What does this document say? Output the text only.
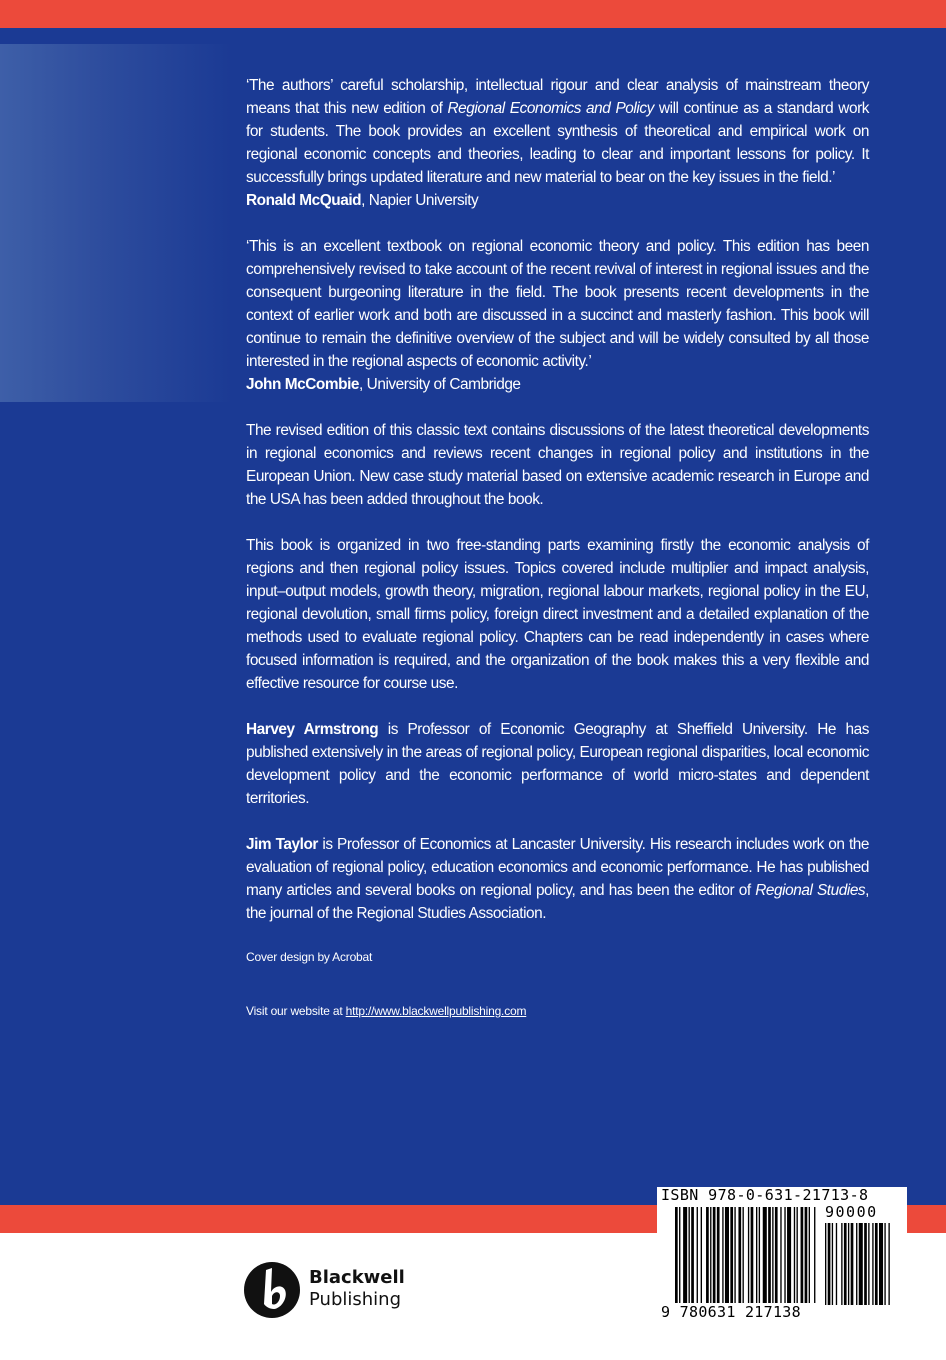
‘The authors’ careful scholarship, intellectual rigour and clear analysis of mainstream theory means that this new edition of Regional Economics and Policy will continue as a standard work for students. The book provides an excellent synthesis of theoretical and empirical work on regional economic concepts and theories, leading to clear and important lessons for policy. It successfully brings updated literature and new material to bear on the key issues in the field.’

Ronald McQuaid, Napier University

‘This is an excellent textbook on regional economic theory and policy. This edition has been comprehensively revised to take account of the recent revival of interest in regional issues and the consequent burgeoning literature in the field. The book presents recent developments in the context of earlier work and both are discussed in a succinct and masterly fashion. This book will continue to remain the definitive overview of the subject and will be widely consulted by all those interested in the regional aspects of economic activity.’

John McCombie, University of Cambridge

The revised edition of this classic text contains discussions of the latest theoretical developments in regional economics and reviews recent changes in regional policy and institutions in the European Union. New case study material based on extensive academic research in Europe and the USA has been added throughout the book.

This book is organized in two free-standing parts examining firstly the economic analysis of regions and then regional policy issues. Topics covered include multiplier and impact analysis, input–output models, growth theory, migration, regional labour markets, regional policy in the EU, regional devolution, small firms policy, foreign direct investment and a detailed explanation of the methods used to evaluate regional policy. Chapters can be read independently in cases where focused information is required, and the organization of the book makes this a very flexible and effective resource for course use.

Harvey Armstrong is Professor of Economic Geography at Sheffield University. He has published extensively in the areas of regional policy, European regional disparities, local economic development policy and the economic performance of world micro-states and dependent territories.

Jim Taylor is Professor of Economics at Lancaster University. His research includes work on the evaluation of regional policy, education economics and economic performance. He has published many articles and several books on regional policy, and has been the editor of Regional Studies, the journal of the Regional Studies Association.

Cover design by Acrobat

Visit our website at http://www.blackwellpublishing.com

Blackwell
Publishing
ISBN 978-0-631-21713-8
90000
9 780631 217138
